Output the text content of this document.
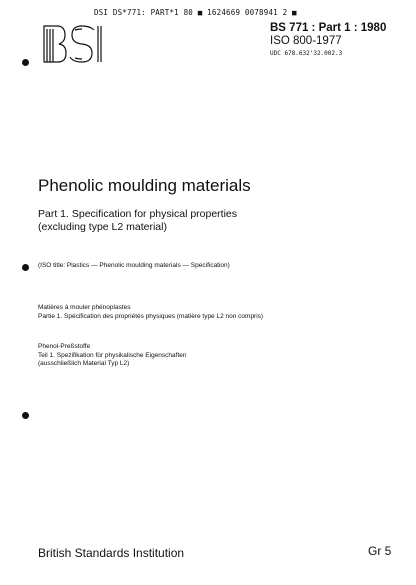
DSI DS*771: PART*1 80 ■ 1624669 0078941 2 ■
BS 771 : Part 1 : 1980
ISO 800-1977
UDC 678.632'32.002.3
Phenolic moulding materials
Part 1. Specification for physical properties
(excluding type L2 material)
(ISO title: Plastics — Phenolic moulding materials — Specification)
Matières à mouler phénoplastes
Partie 1. Spécification des propriétés physiques (matière type L2 non compris)
Phenol-Preßstoffe
Teil 1. Spezifikation für physikalische Eigenschaften
(ausschließlich Material Typ L2)
British Standards Institution	Gr 5
